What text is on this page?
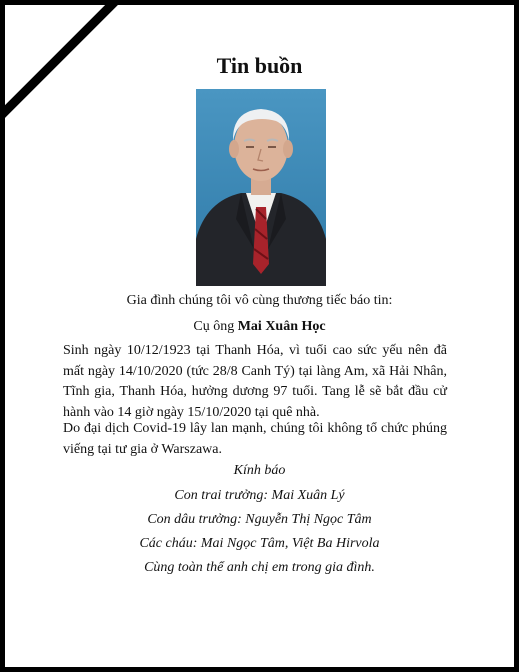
Tin buồn
Gia đình chúng tôi vô cùng thương tiếc báo tin:
Cụ ông Mai Xuân Học
Sinh ngày 10/12/1923 tại Thanh Hóa, vì tuổi cao sức yếu nên đã mất ngày 14/10/2020 (tức 28/8 Canh Tý) tại làng Am, xã Hải Nhân, Tĩnh gia, Thanh Hóa, hưởng dương 97 tuổi. Tang lễ sẽ bắt đầu cử hành vào 14 giờ ngày 15/10/2020 tại quê nhà.
Do đại dịch Covid-19 lây lan mạnh, chúng tôi không tổ chức phúng viếng tại tư gia ở Warszawa.
Kính báo
Con trai trưởng: Mai Xuân Lý
Con dâu trưởng: Nguyễn Thị Ngọc Tâm
Các cháu: Mai Ngọc Tâm, Việt Ba Hirvola
Cùng toàn thể anh chị em trong gia đình.
